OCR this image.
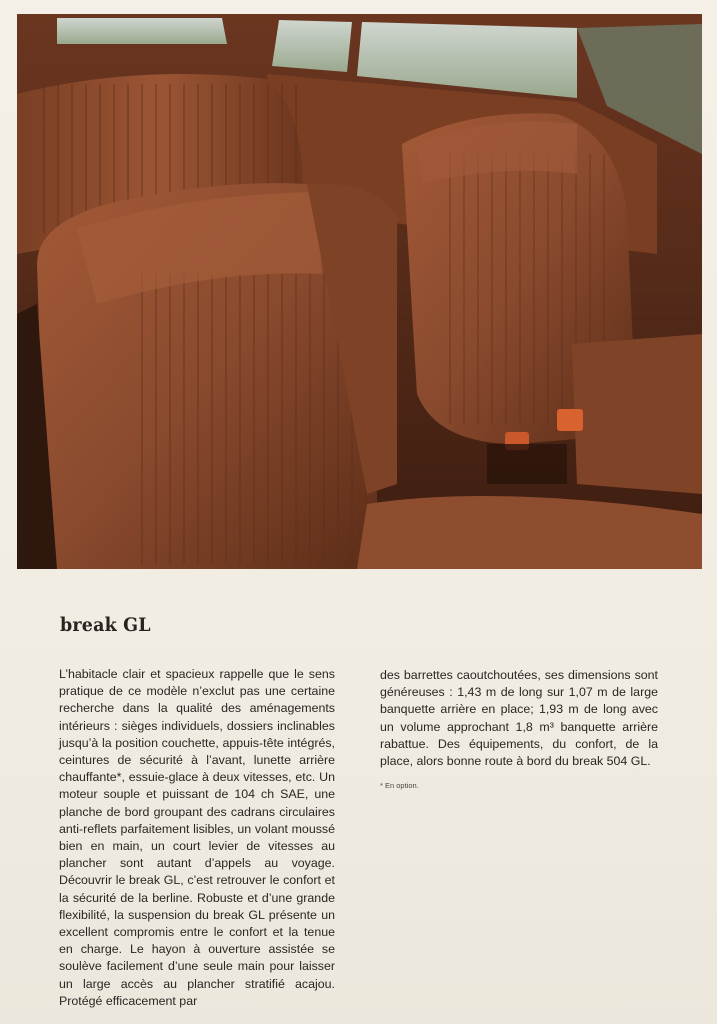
break GL
L’habitacle clair et spacieux rappelle que le sens pratique de ce modèle n’exclut pas une certaine recherche dans la qualité des aménagements intérieurs : sièges individuels, dossiers inclinables jusqu’à la position couchette, appuis-tête intégrés, ceintures de sécurité à l’avant, lunette arrière chauffante*, essuie-glace à deux vitesses, etc. Un moteur souple et puissant de 104 ch SAE, une planche de bord groupant des cadrans circulaires anti-reflets parfaitement lisibles, un volant moussé bien en main, un court levier de vitesses au plancher sont autant d’appels au voyage. Découvrir le break GL, c’est retrouver le confort et la sécurité de la berline. Robuste et d’une grande flexibilité, la suspension du break GL présente un excellent compromis entre le confort et la tenue en charge. Le hayon à ouverture assistée se soulève facilement d’une seule main pour laisser un large accès au plancher stratifié acajou. Protégé efficacement par
des barrettes caoutchoutées, ses dimensions sont généreuses : 1,43 m de long sur 1,07 m de large banquette arrière en place; 1,93 m de long avec un volume approchant 1,8 m³ banquette arrière rabattue. Des équipements, du confort, de la place, alors bonne route à bord du break 504 GL.
* En option.
